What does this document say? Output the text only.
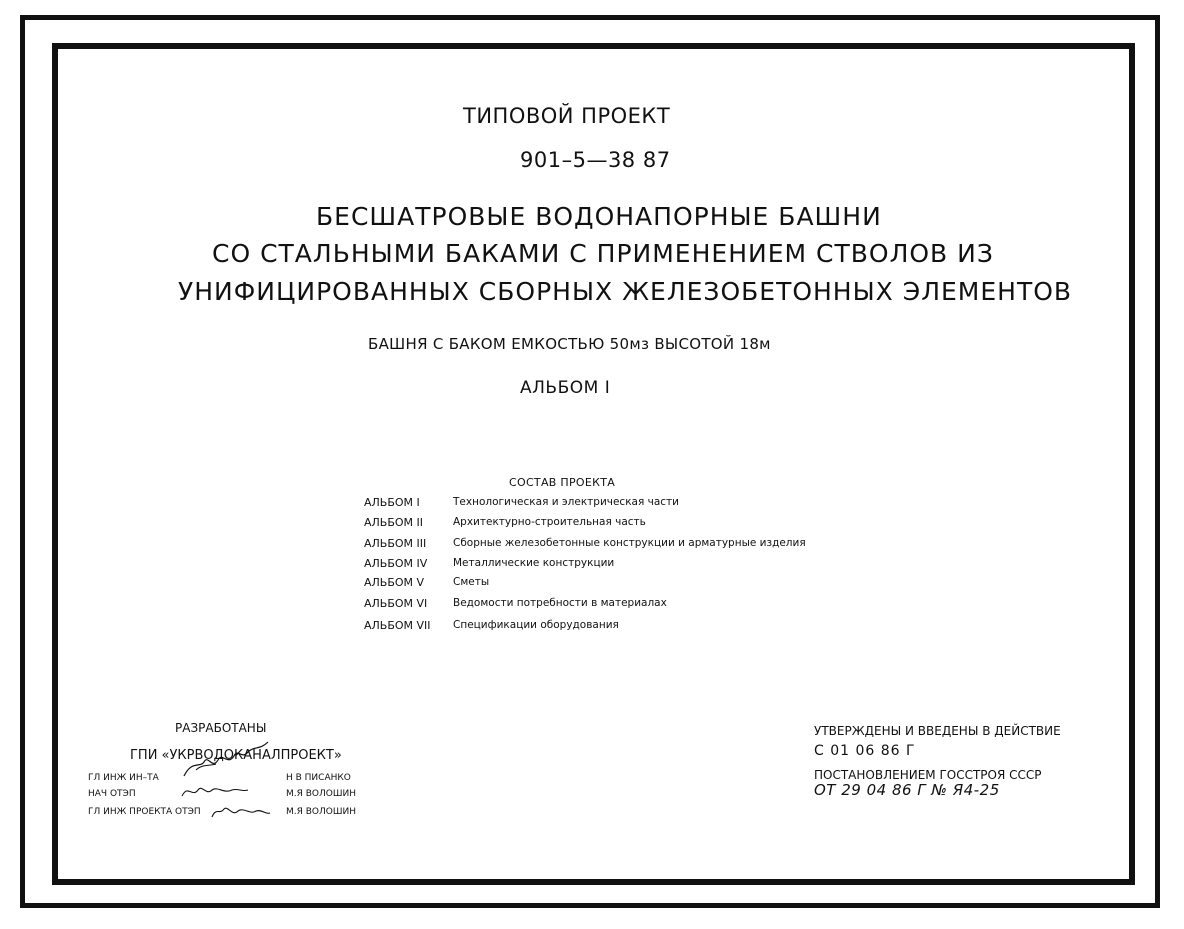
ТИПОВОЙ ПРОЕКТ
901–5—38 87
БЕСШАТРОВЫЕ ВОДОНАПОРНЫЕ БАШНИ
СО СТАЛЬНЫМИ БАКАМИ С ПРИМЕНЕНИЕМ СТВОЛОВ ИЗ
УНИФИЦИРОВАННЫХ СБОРНЫХ ЖЕЛЕЗОБЕТОННЫХ ЭЛЕМЕНТОВ
БАШНЯ С БАКОМ ЕМКОСТЬЮ 50мз ВЫСОТОЙ 18м
АЛЬБОМ I
СОСТАВ ПРОЕКТА
АЛЬБОМ I	Технологическая и электрическая части
АЛЬБОМ II	Архитектурно-строительная часть
АЛЬБОМ III	Сборные железобетонные конструкции и арматурные изделия
АЛЬБОМ IV Металлические конструкции
АЛЬБОМ V	Сметы
АЛЬБОМ VI Ведомости потребности в материалах
АЛЬБОМ VII Спецификации оборудования
РАЗРАБОТАНЫ
ГПИ «УКРВОДОКАНАЛПРОЕКТ»
ГЛ ИНЖ ИН–ТА	Н В ПИСАНКО
НАЧ ОТЭП	М.Я ВОЛОШИН
ГЛ ИНЖ ПРОЕКТА ОТЭП	М.Я ВОЛОШИН
УТВЕРЖДЕНЫ И ВВЕДЕНЫ В ДЕЙСТВИЕ
С 01 06 86 Г
ПОСТАНОВЛЕНИЕМ ГОССТРОЯ СССР
ОТ 29 04 86 Г № Я4-25
